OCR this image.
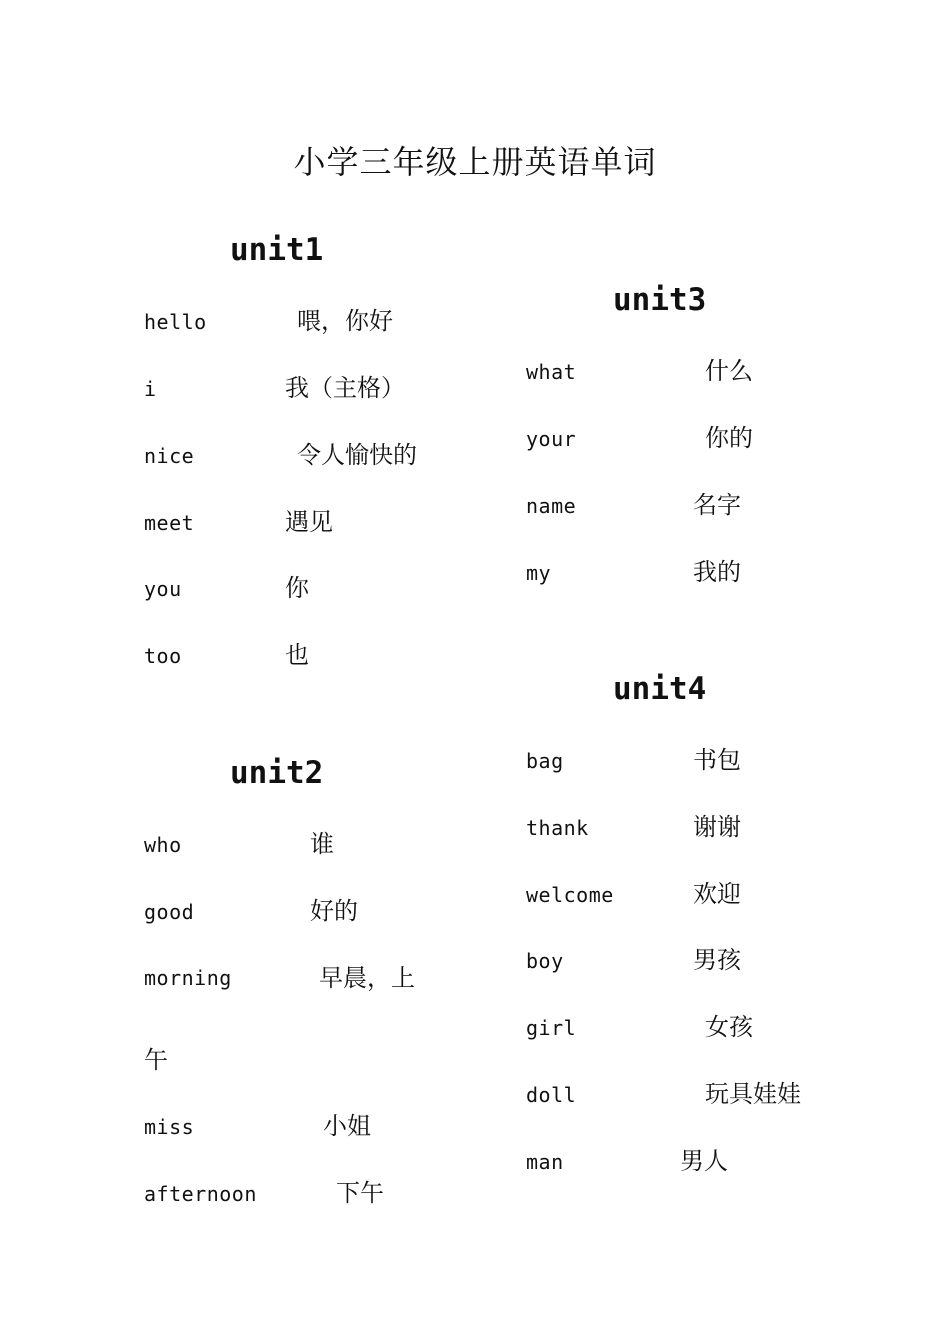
小学三年级上册英语单词
unit1
hello	喂，你好
i	我（主格）
nice	令人愉快的
meet	遇见
you	你
too	也
unit2
who	谁
good	好的
morning	早晨，上
午
miss	小姐
afternoon	下午
unit3
what	什么
your	你的
name	名字
my	我的
unit4
bag	书包
thank	谢谢
welcome	欢迎
boy	男孩
girl	女孩
doll	玩具娃娃
man	男人
